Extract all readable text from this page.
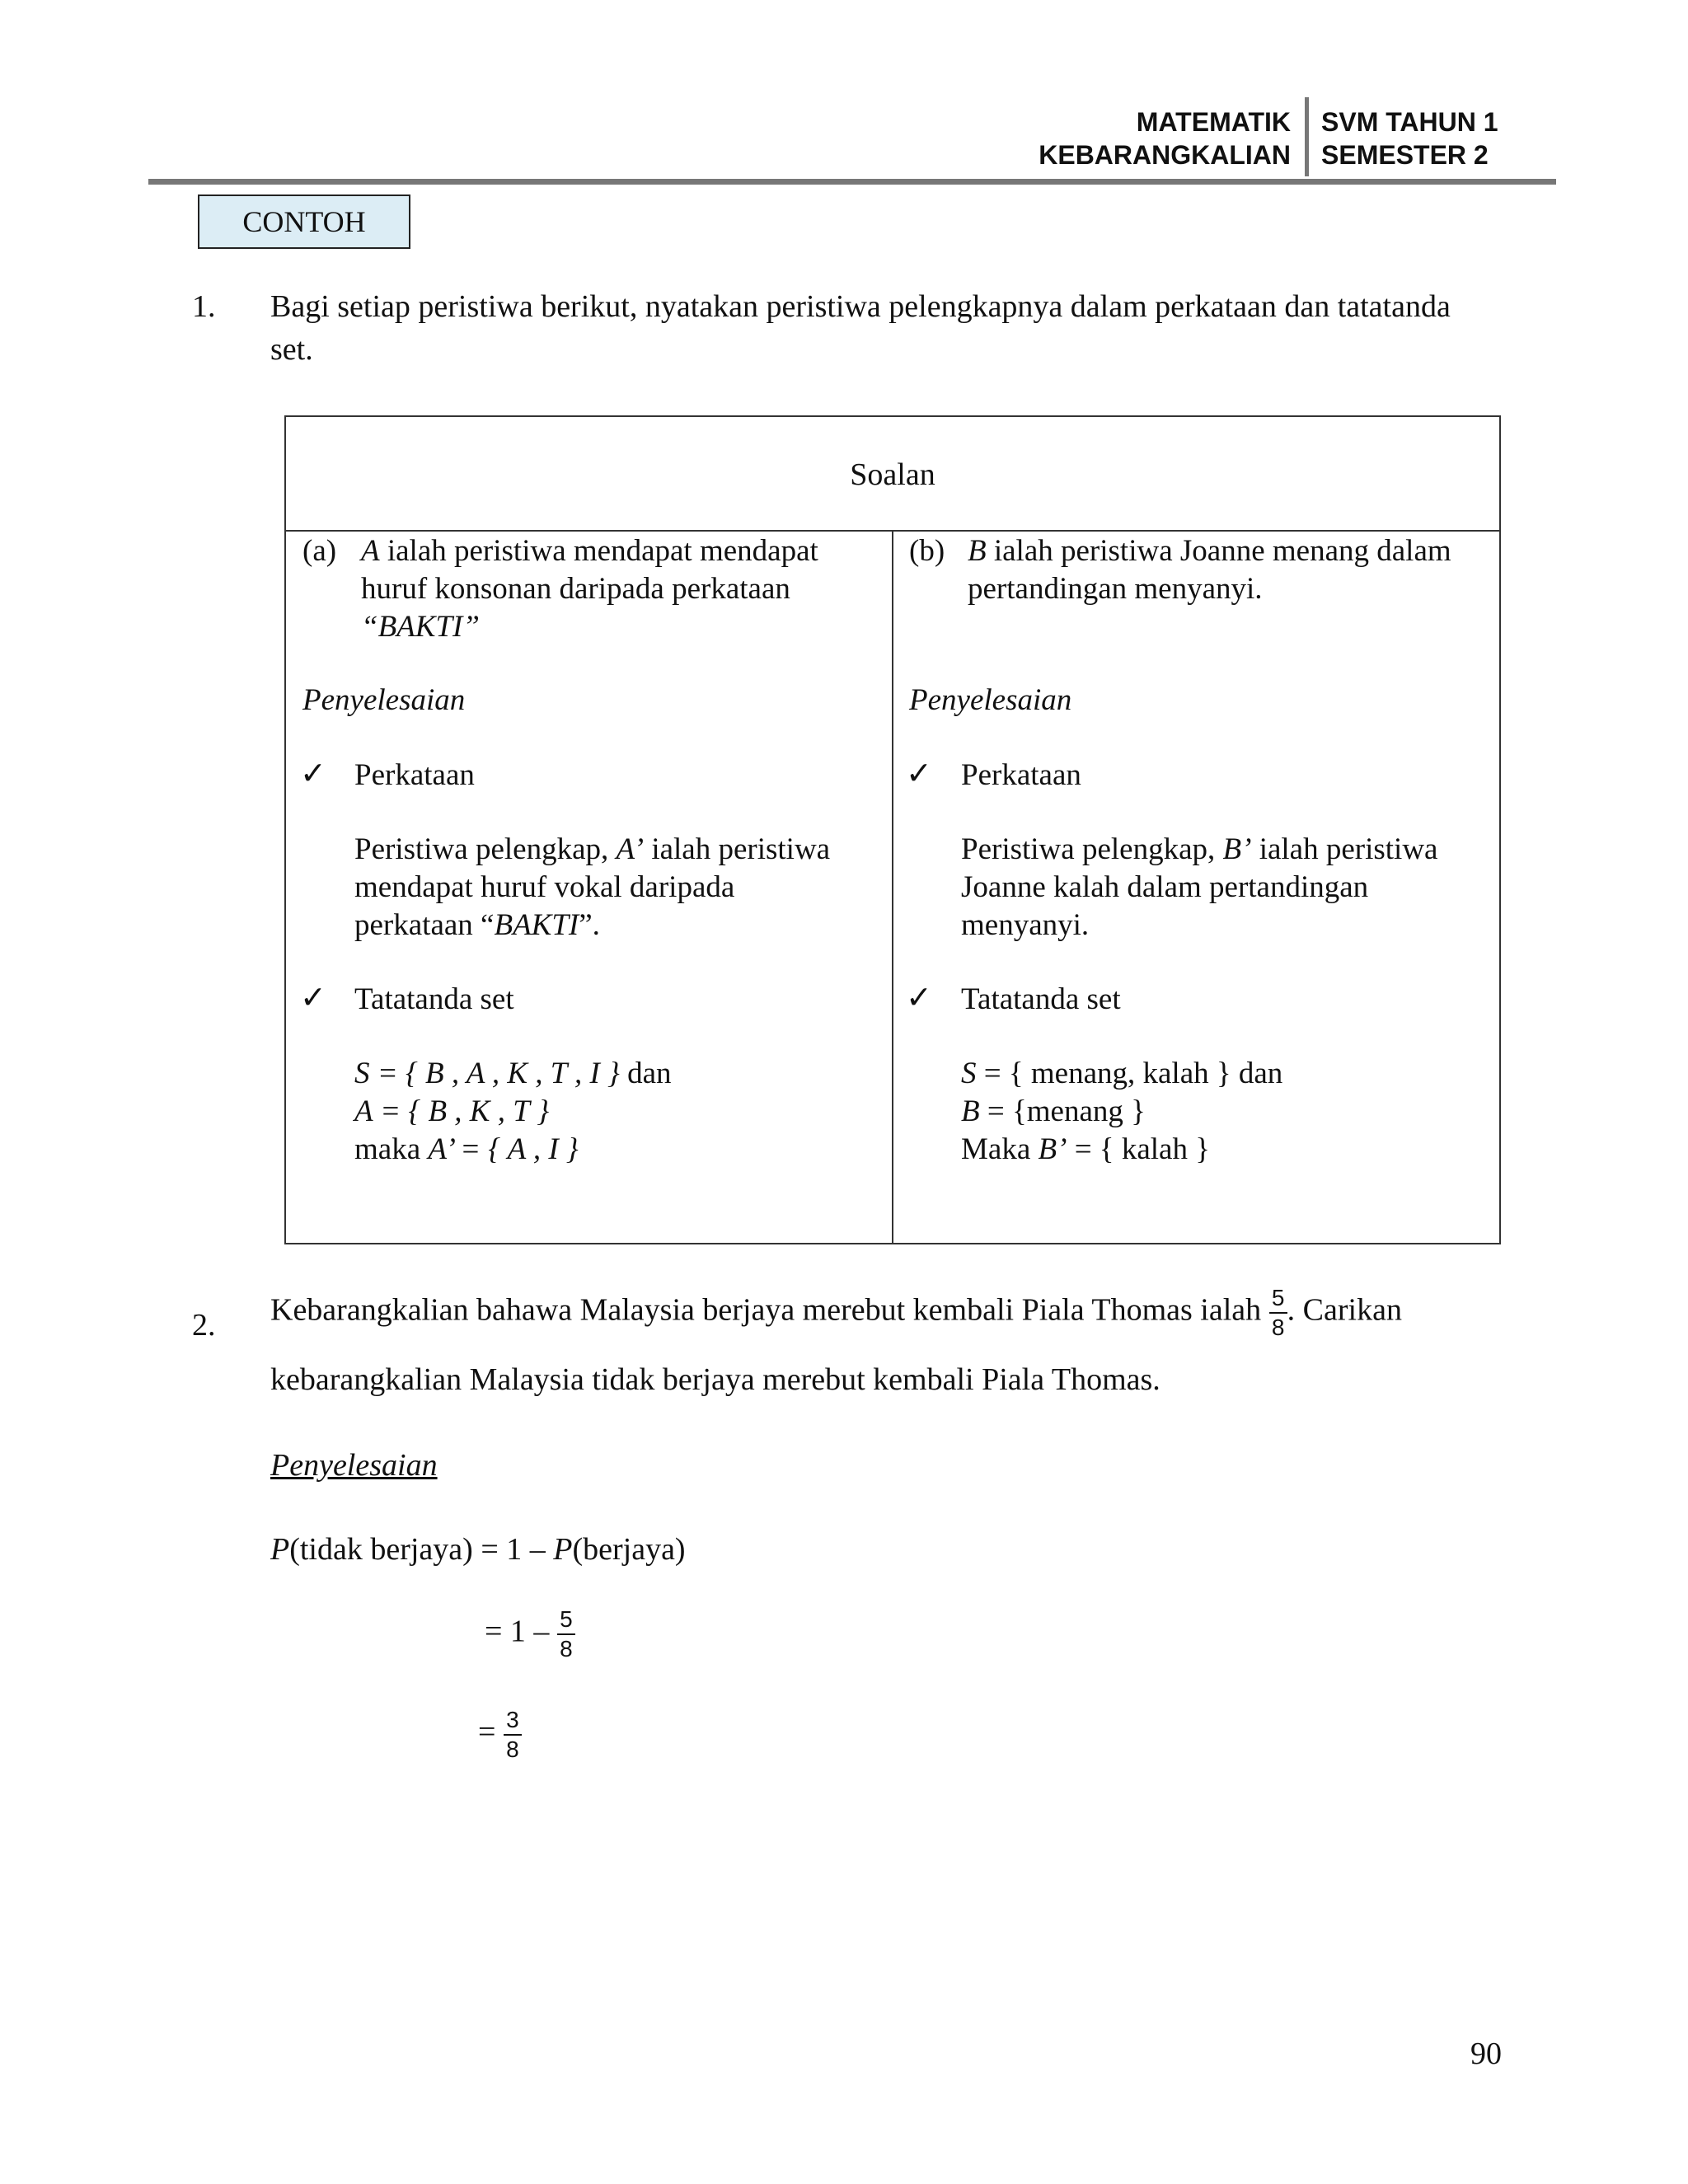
MATEMATIK
KEBARANGKALIAN
SVM TAHUN 1
SEMESTER 2
CONTOH
1. Bagi setiap peristiwa berikut, nyatakan peristiwa pelengkapnya dalam perkataan dan tatatanda
set.
Soalan
(a) A ialah peristiwa mendapat mendapat
huruf konsonan daripada perkataan
“BAKTI”
Penyelesaian
✓ Perkataan
Peristiwa pelengkap, A’ ialah peristiwa
mendapat huruf vokal daripada
perkataan “BAKTI”.
✓ Tatatanda set
S = { B , A , K , T , I } dan
A = { B , K , T }
maka A’ = { A , I }
(b) B ialah peristiwa Joanne menang dalam
pertandingan menyanyi.
Penyelesaian
✓ Perkataan
Peristiwa pelengkap, B’ ialah peristiwa
Joanne kalah dalam pertandingan
menyanyi.
✓ Tatatanda set
S = { menang, kalah } dan
B = {menang }
Maka B’ = { kalah }
2. Kebarangkalian bahawa Malaysia berjaya merebut kembali Piala Thomas ialah $\frac{5}{8}$ . Carikan
kebarangkalian Malaysia tidak berjaya merebut kembali Piala Thomas.
Penyelesaian
P(tidak berjaya) = 1 – P(berjaya)
= $1 - \frac{5}{8}$
= $\frac{3}{8}$
90
